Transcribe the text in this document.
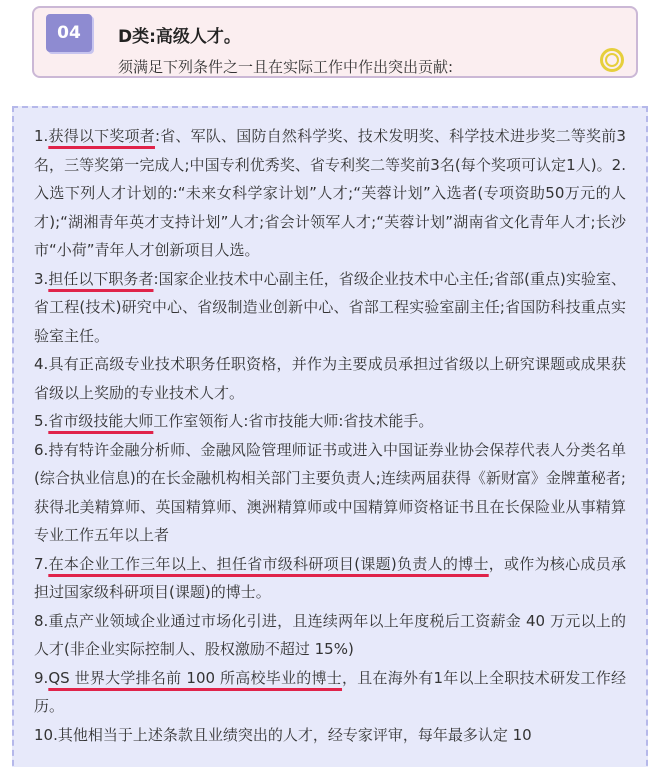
04	D类:高级人才。
须满足下列条件之一且在实际工作中作出突出贡献:

1.获得以下奖项者:省、军队、国防自然科学奖、技术发明奖、科学技术进步奖二等奖前3名，三等奖第一完成人;中国专利优秀奖、省专利奖二等奖前3名(每个奖项可认定1人)。2.入选下列人才计划的:“未来女科学家计划”人才;“芙蓉计划”入选者(专项资助50万元的人才);“湖湘青年英才支持计划”人才;省会计领军人才;“芙蓉计划”湖南省文化青年人才;长沙市“小荷”青年人才创新项目人选。

3.担任以下职务者:国家企业技术中心副主任，省级企业技术中心主任;省部(重点)实验室、省工程(技术)研究中心、省级制造业创新中心、省部工程实验室副主任;省国防科技重点实验室主任。

4.具有正高级专业技术职务任职资格，并作为主要成员承担过省级以上研究课题或成果获省级以上奖励的专业技术人才。

5.省市级技能大师工作室领衔人:省市技能大师:省技术能手。

6.持有特许金融分析师、金融风险管理师证书或进入中国证券业协会保荐代表人分类名单(综合执业信息)的在长金融机构相关部门主要负责人;连续两届获得《新财富》金牌董秘者;获得北美精算师、英国精算师、澳洲精算师或中国精算师资格证书且在长保险业从事精算专业工作五年以上者

7.在本企业工作三年以上、担任省市级科研项目(课题)负责人的博士，或作为核心成员承担过国家级科研项目(课题)的博士。

8.重点产业领域企业通过市场化引进，且连续两年以上年度税后工资薪金 40 万元以上的人才(非企业实际控制人、股权激励不超过 15%)

9.QS 世界大学排名前 100 所高校毕业的博士，且在海外有1年以上全职技术研发工作经历。

10.其他相当于上述条款且业绩突出的人才，经专家评审，每年最多认定 10
